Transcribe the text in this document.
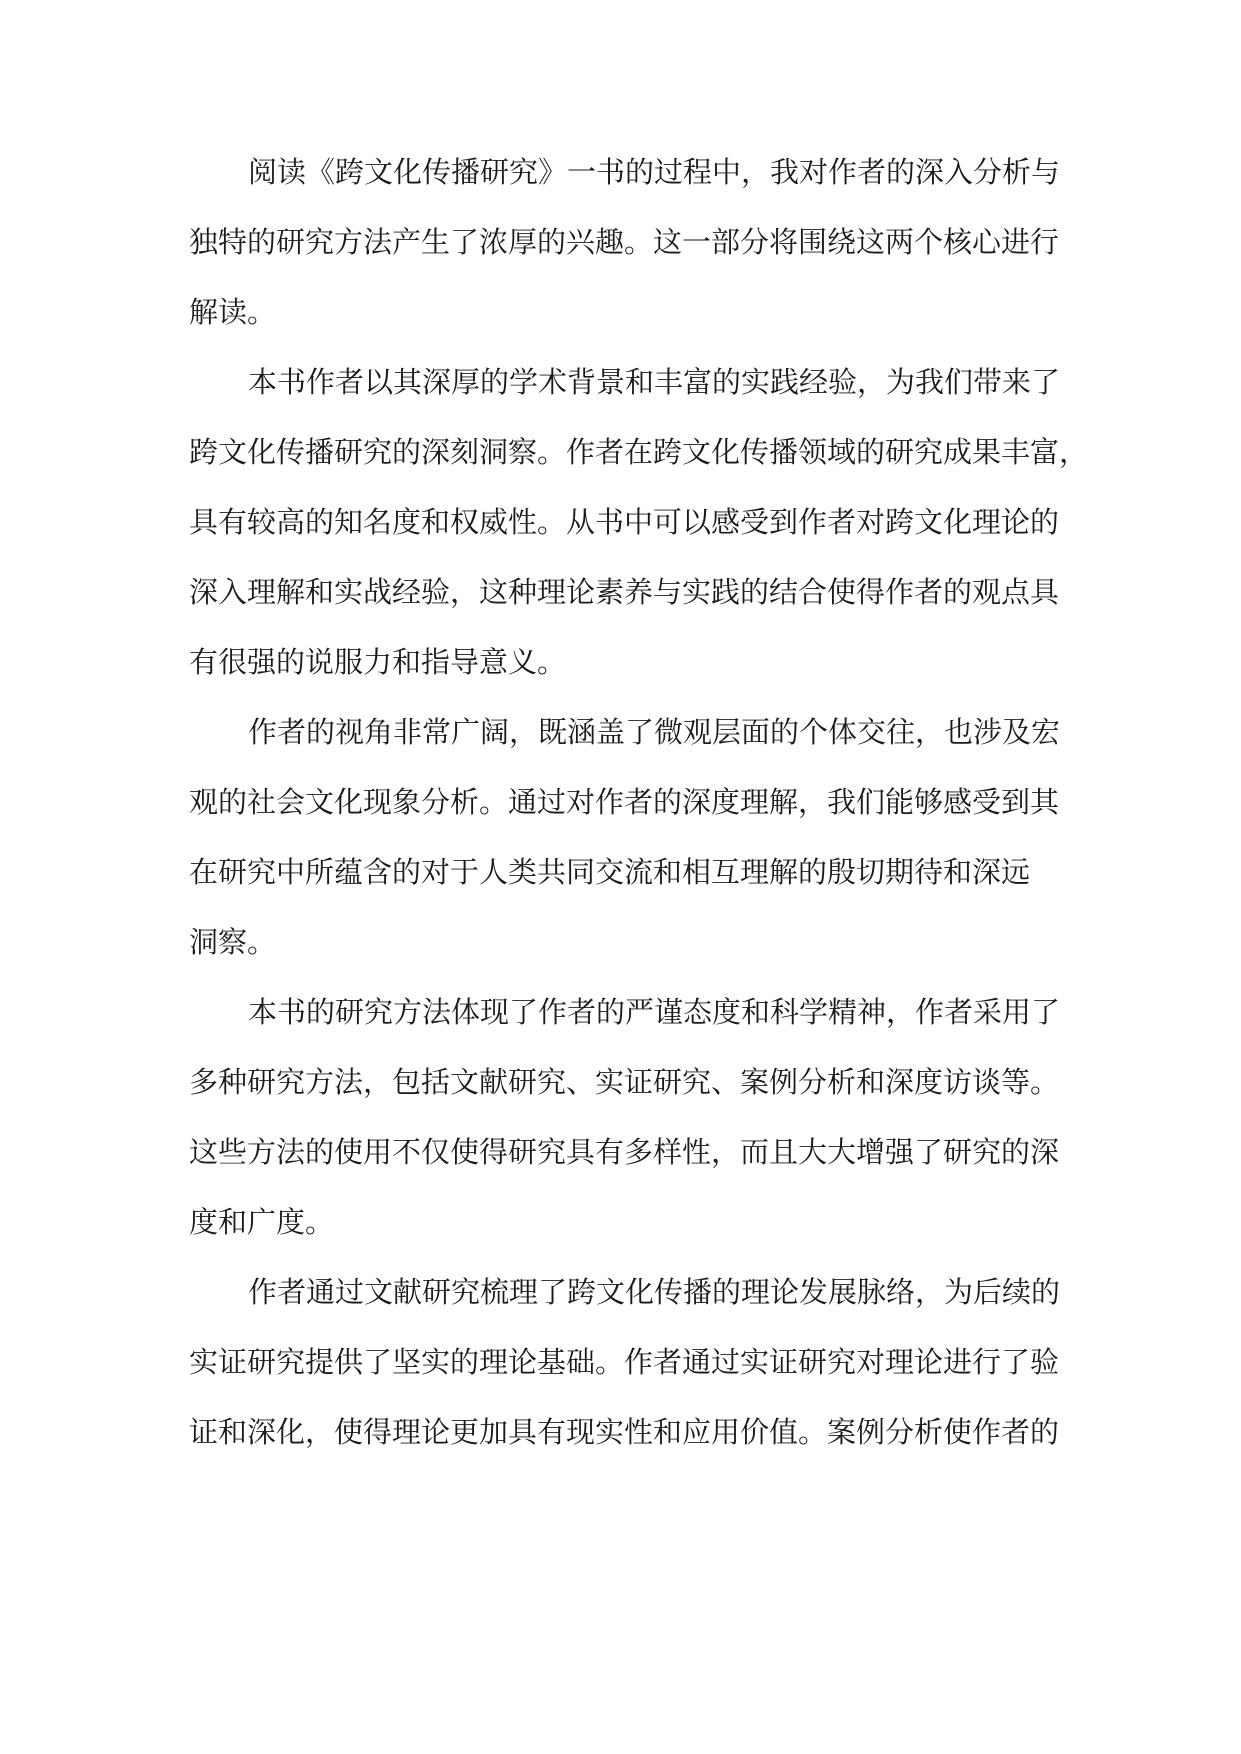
阅读《跨文化传播研究》一书的过程中，我对作者的深入分析与
独特的研究方法产生了浓厚的兴趣。这一部分将围绕这两个核心进行
解读。

本书作者以其深厚的学术背景和丰富的实践经验，为我们带来了
跨文化传播研究的深刻洞察。作者在跨文化传播领域的研究成果丰富，
具有较高的知名度和权威性。从书中可以感受到作者对跨文化理论的
深入理解和实战经验，这种理论素养与实践的结合使得作者的观点具
有很强的说服力和指导意义。

作者的视角非常广阔，既涵盖了微观层面的个体交往，也涉及宏
观的社会文化现象分析。通过对作者的深度理解，我们能够感受到其
在研究中所蕴含的对于人类共同交流和相互理解的殷切期待和深远
洞察。

本书的研究方法体现了作者的严谨态度和科学精神，作者采用了
多种研究方法，包括文献研究、实证研究、案例分析和深度访谈等。
这些方法的使用不仅使得研究具有多样性，而且大大增强了研究的深
度和广度。

作者通过文献研究梳理了跨文化传播的理论发展脉络，为后续的
实证研究提供了坚实的理论基础。作者通过实证研究对理论进行了验
证和深化，使得理论更加具有现实性和应用价值。案例分析使作者的
